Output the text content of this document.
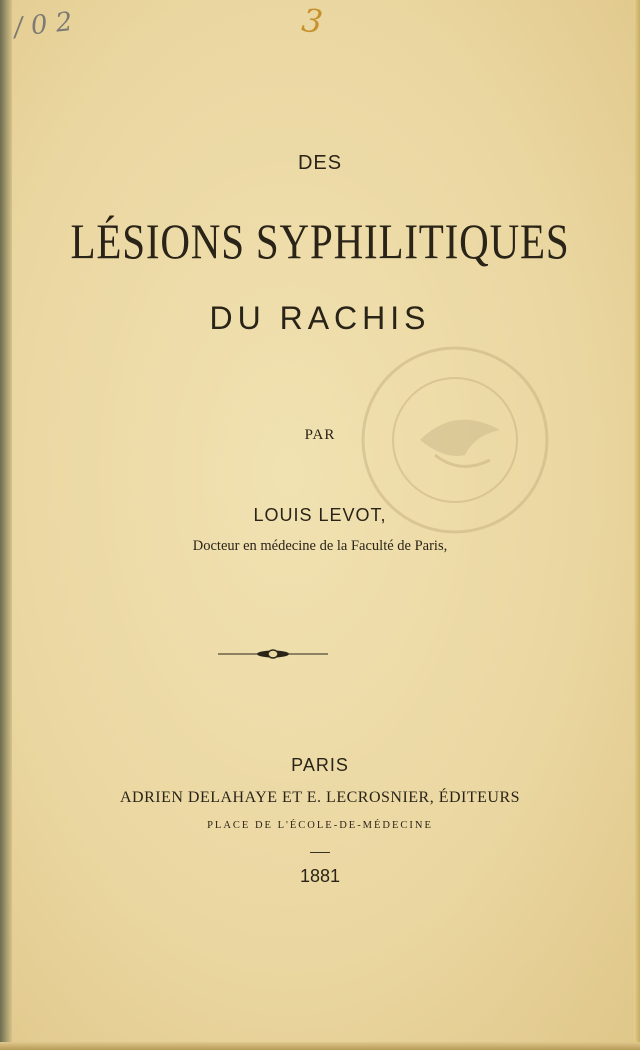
/ 0 2	3
DES
LÉSIONS SYPHILITIQUES
DU RACHIS
PAR
LOUIS LEVOT,
Docteur en médecine de la Faculté de Paris,
PARIS
ADRIEN DELAHAYE ET E. LECROSNIER, ÉDITEURS
PLACE DE L'ÉCOLE-DE-MÉDECINE
1881
